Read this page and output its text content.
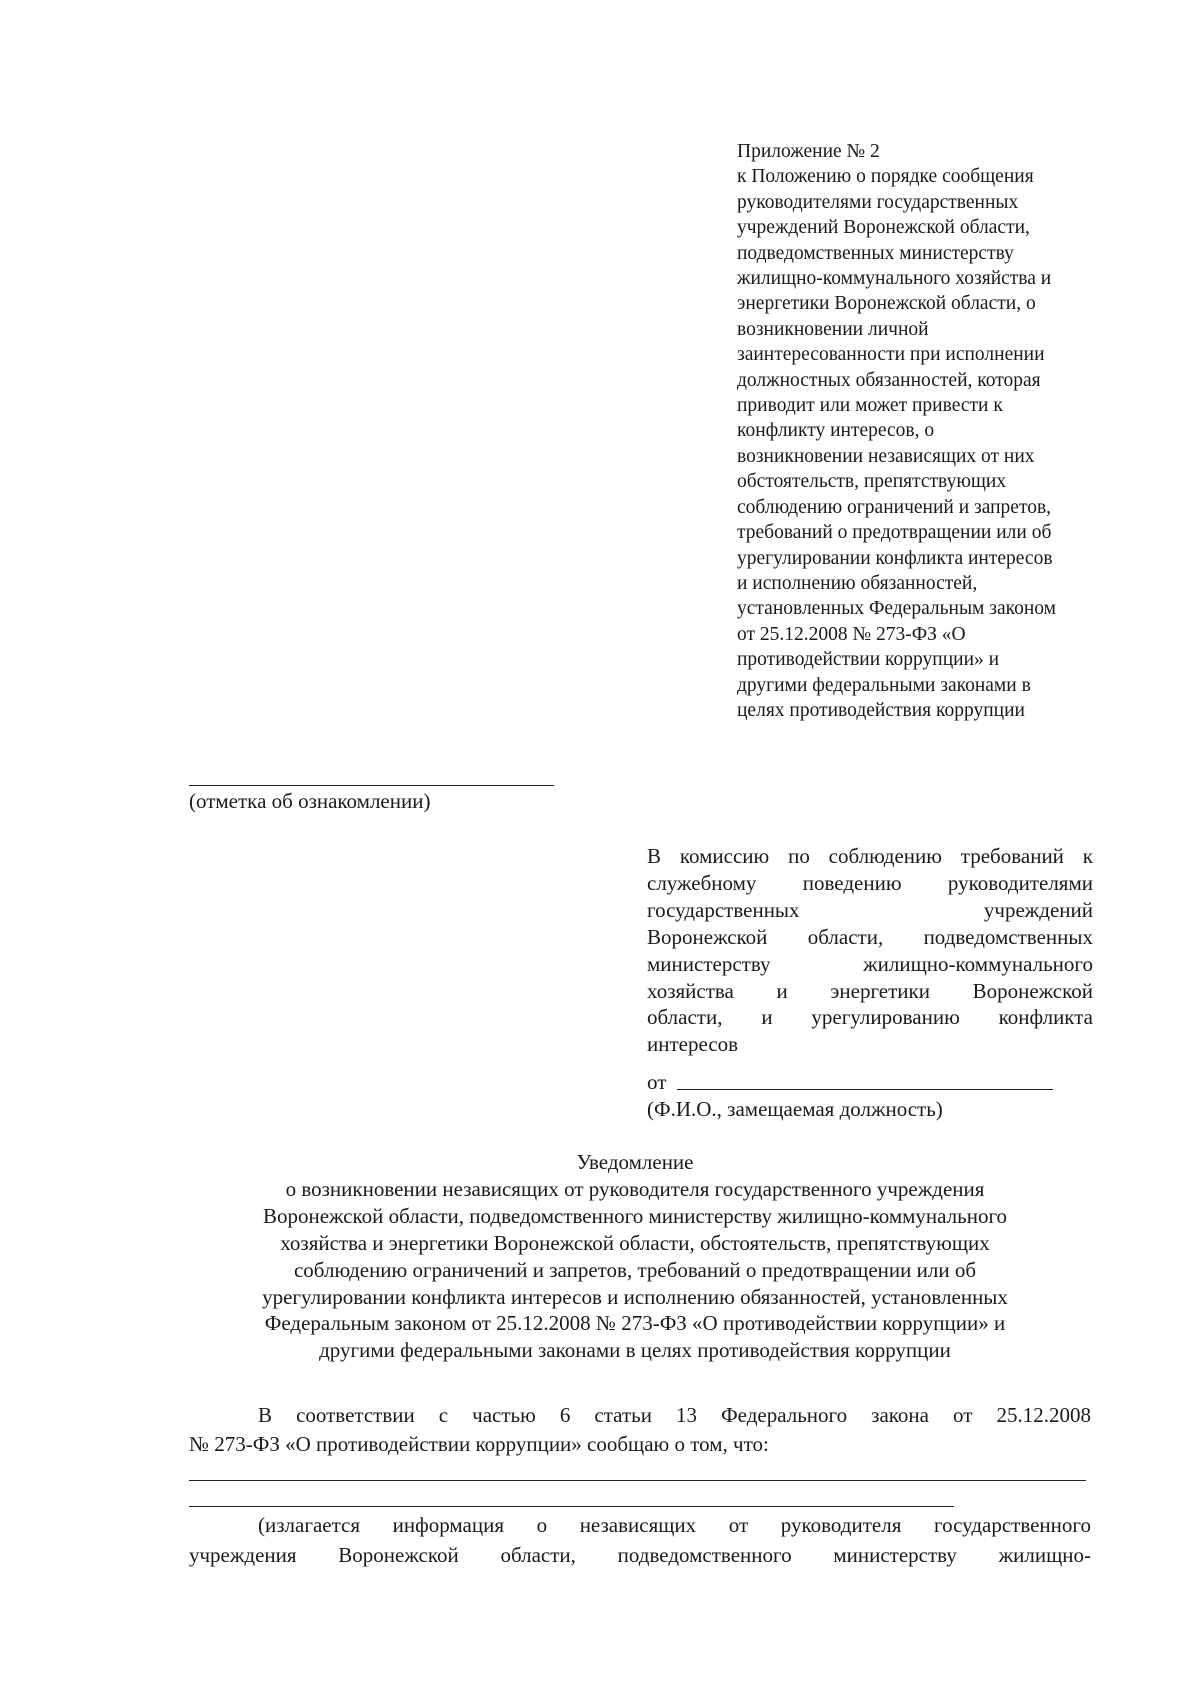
Приложение № 2
к Положению о порядке сообщения
руководителями государственных
учреждений Воронежской области,
подведомственных министерству
жилищно-коммунального хозяйства и
энергетики Воронежской области, о
возникновении личной
заинтересованности при исполнении
должностных обязанностей, которая
приводит или может привести к
конфликту интересов, о
возникновении независящих от них
обстоятельств, препятствующих
соблюдению ограничений и запретов,
требований о предотвращении или об
урегулировании конфликта интересов
и исполнению обязанностей,
установленных Федеральным законом
от 25.12.2008 № 273-ФЗ «О
противодействии коррупции» и
другими федеральными законами в
целях противодействия коррупции
(отметка об ознакомлении)
В комиссию по соблюдению требований к
служебному поведению руководителями
государственных учреждений
Воронежской области, подведомственных
министерству жилищно-коммунального
хозяйства и энергетики Воронежской
области, и урегулированию конфликта
интересов
от
(Ф.И.О., замещаемая должность)
Уведомление
о возникновении независящих от руководителя государственного учреждения
Воронежской области, подведомственного министерству жилищно-коммунального
хозяйства и энергетики Воронежской области, обстоятельств, препятствующих
соблюдению ограничений и запретов, требований о предотвращении или об
урегулировании конфликта интересов и исполнению обязанностей, установленных
Федеральным законом от 25.12.2008 № 273-ФЗ «О противодействии коррупции» и
другими федеральными законами в целях противодействия коррупции
В соответствии с частью 6 статьи 13 Федерального закона от 25.12.2008
№ 273-ФЗ «О противодействии коррупции» сообщаю о том, что:
(излагается информация о независящих от руководителя государственного
учреждения Воронежской области, подведомственного министерству жилищно-
